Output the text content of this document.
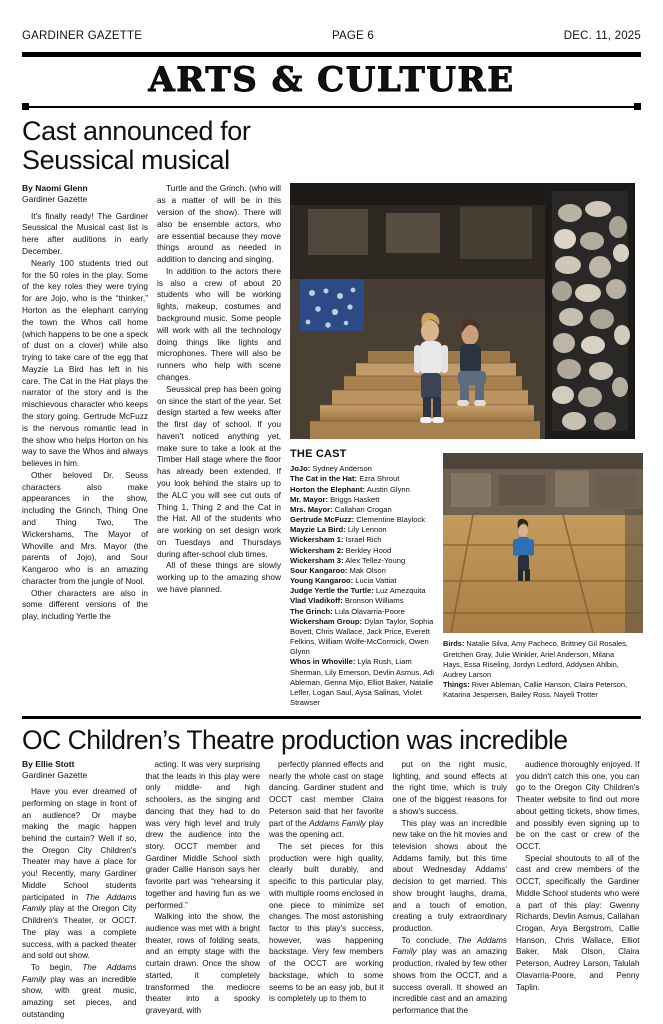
GARDINER GAZETTE	PAGE 6	DEC. 11, 2025
ARTS & CULTURE
Cast announced for Seussical musical
By Naomi Glenn
Gardiner Gazette

It's finally ready! The Gardiner Seussical the Musical cast list is here after auditions in early December.

Nearly 100 students tried out for the 50 roles in the play. Some of the key roles they were trying for are Jojo, who is the “thinker,” Horton as the elephant carrying the town the Whos call home (which happens to be one a speck of dust on a clover) while also trying to take care of the egg that Mayzie La Bird has left in his care. The Cat in the Hat plays the narrator of the story and is the mischievous character who keeps the story going. Gertrude McFuzz is the nervous romantic lead in the show who helps Horton on his way to save the Whos and always believes in him.

Other beloved Dr. Seuss characters also make appearances in the show, including the Grinch, Thing One and Thing Two, The Wickershams, The Mayor of Whoville and Mrs. Mayor (the parents of Jojo), and Sour Kangaroo who is an amazing character from the jungle of Nool.

Other characters are also in some different versions of the play, including Yertle the

Turtle and the Grinch. (who will as a matter of will be in this version of the show). There will also be ensemble actors, who are essential because they move things around as needed in addition to dancing and singing.

In addition to the actors there is also a crew of about 20 students who will be working lights, makeup, costumes and background music. Some people will work with all the technology doing things like lights and microphones. There will also be runners who help with scene changes.

Seussical prep has been going on since the start of the year. Set design started a few weeks after the first day of school. If you haven't noticed anything yet, make sure to take a look at the Timber Hall stage where the floor has already been extended. If you look behind the stairs up to the ALC you will see cut outs of Thing 1, Thing 2 and the Cat in the Hat. All of the students who are working on set design work on Tuesdays and Thursdays during after-school club times.

All of these things are slowly working up to the amazing show we have planned.

THE CAST
JoJo: Sydney Anderson
The Cat in the Hat: Ezra Shrout
Horton the Elephant: Austin Glynn
Mr. Mayor: Briggs Haskett
Mrs. Mayor: Callahan Crogan
Gertrude McFuzz: Clementine Blaylock
Mayzie La Bird: Lily Lennon
Wickersham 1: Israel Rich
Wickersham 2: Berkley Hood
Wickersham 3: Alex Tellez-Young
Sour Kangaroo: Mak Olson
Young Kangaroo: Lucia Vattiat
Judge Yertle the Turtle: Luz Amezquita
Vlad Vladikoff: Bronson Williams
The Grinch: Lula Olavarria-Poore
Wickersham Group: Dylan Taylor, Sophia Bovett, Chris Wallace, Jack Price, Everett Felkins, William Wolfe-McCormick, Owen Glynn
Whos in Whoville: Lyla Rush, Liam Sherman, Lily Emerson, Devlin Asmus, Adi Ableman, Genna Mijo, Elliot Baker, Natalie Lefler, Logan Saul, Aysa Salinas, Violet Strawser
Birds: Natalie Silva, Amy Pacheco, Brittney Gil Rosales, Gretchen Gray, Julie Winkler, Ariel Anderson, Milana Hays, Essa Riseling, Jordyn Ledford, Addysen Ahlbin, Audrey Larson
Things: River Ableman, Callie Hanson, Claira Peterson, Katarina Jespersen, Bailey Ross, Nayeli Trotter
OC Children’s Theatre production was incredible
By Ellie Stott
Gardiner Gazette

Have you ever dreamed of performing on stage in front of an audience? Or maybe making the magic happen behind the curtain? Well if so, the Oregon City Children's Theater may have a place for you! Recently, many Gardiner Middle School students participated in The Addams Family play at the Oregon City Children's Theater, or OCCT. The play was a complete success, with a packed theater and sold out show.

To begin, The Addams Family play was an incredible show, with great music, amazing set pieces, and outstanding

acting. It was very surprising that the leads in this play were only middle- and high schoolers, as the singing and dancing that they had to do was very high level and truly drew the audience into the story. OCCT member and Gardiner Middle School sixth grader Callie Hanson says her favorite part was “rehearsing it together and having fun as we performed.”

Walking into the show, the audience was met with a bright theater, rows of folding seats, and an empty stage with the curtain drawn. Once the show started, it completely transformed the mediocre theater into a spooky graveyard, with

perfectly planned effects and nearly the whole cast on stage dancing. Gardiner student and OCCT cast member Claira Peterson said that her favorite part of the Addams Family play was the opening act.

The set pieces for this production were high quality, clearly built durably, and specific to this particular play, with multiple rooms enclosed in one piece to minimize set changes. The most astonishing factor to this play's success, however, was happening backstage. Very few members of the OCCT are working backstage, which to some seems to be an easy job, but it is completely up to them to

put on the right music, lighting, and sound effects at the right time, which is truly one of the biggest reasons for a show's success.

This play was an incredible new take on the hit movies and television shows about the Addams family, but this time about Wednesday Addams' decision to get married. This show brought laughs, drama, and a touch of emotion, creating a truly extraordinary production.

To conclude, The Addams Family play was an amazing production, rivaled by few other shows from the OCCT, and a success overall. It showed an incredible cast and an amazing performance that the

audience thoroughly enjoyed. If you didn't catch this one, you can go to the Oregon City Children's Theater website to find out more about getting tickets, show times, and possibly even signing up to be on the cast or crew of the OCCT.

Special shoutouts to all of the cast and crew members of the OCCT, specifically the Gardiner Middle School students who were a part of this play: Gwenny Richards, Devlin Asmus, Callahan Crogan, Arya Bergstrom, Callie Hanson, Chris Wallace, Elliot Baker, Mak Olson, Claira Peterson, Audrey Larson, Talulah Olavarria-Poore, and Penny Taplin.
